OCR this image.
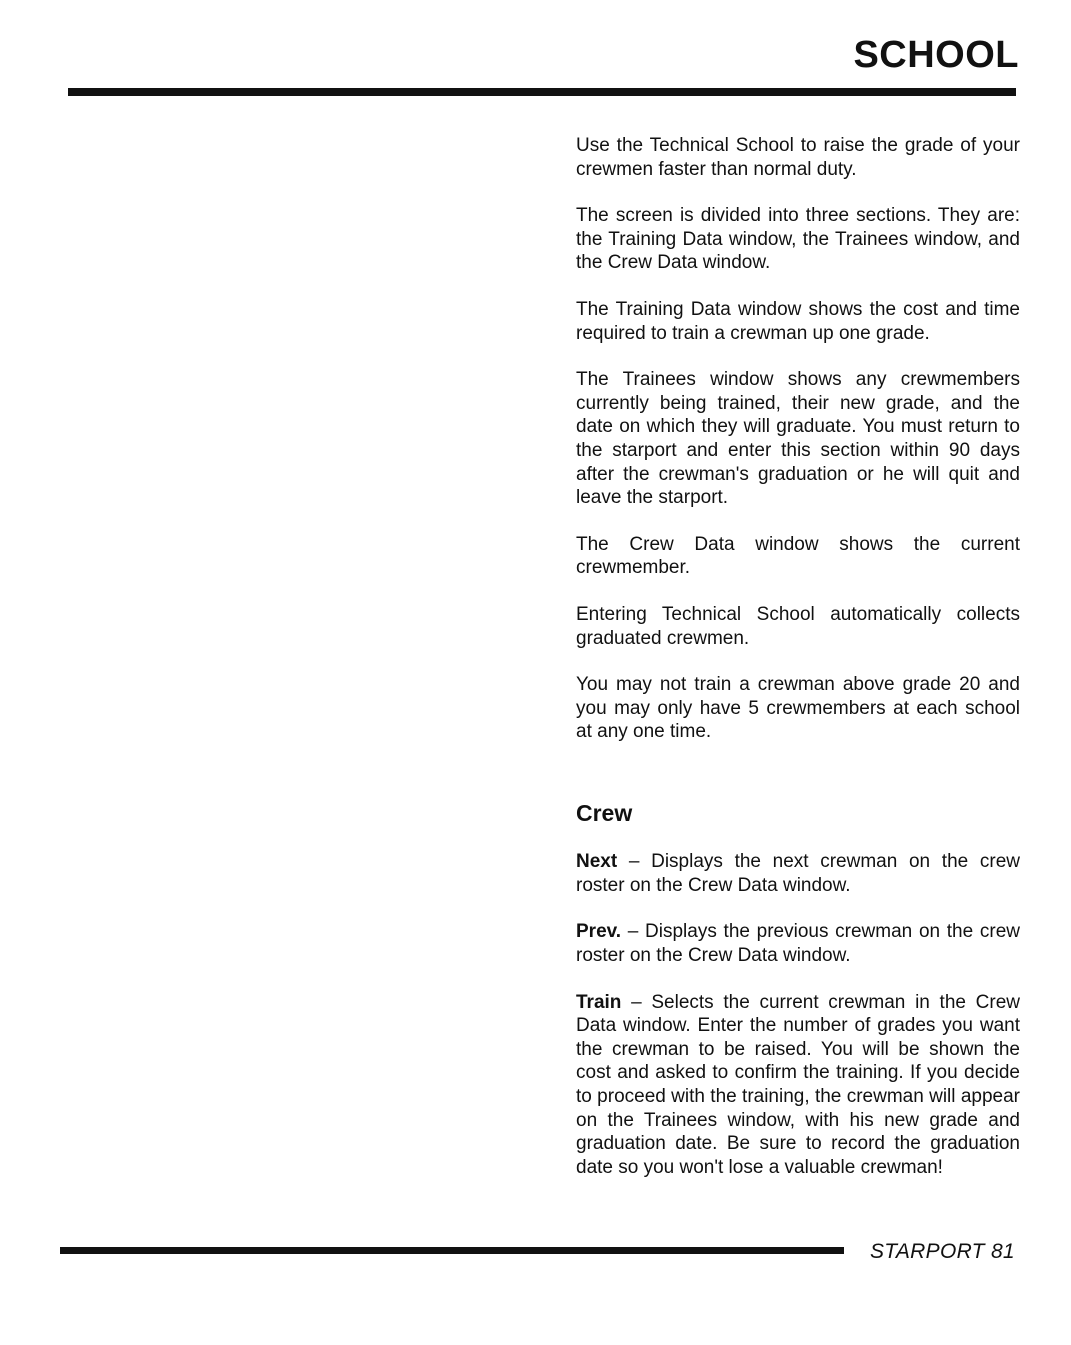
SCHOOL

Use the Technical School to raise the grade of your crewmen faster than normal duty.

The screen is divided into three sections. They are: the Training Data window, the Trainees window, and the Crew Data window.

The Training Data window shows the cost and time required to train a crewman up one grade.

The Trainees window shows any crewmembers currently being trained, their new grade, and the date on which they will graduate. You must return to the starport and enter this section within 90 days after the crewman's graduation or he will quit and leave the starport.

The Crew Data window shows the current crewmember.

Entering Technical School automatically collects graduated crewmen.

You may not train a crewman above grade 20 and you may only have 5 crewmembers at each school at any one time.

Crew

Next – Displays the next crewman on the crew roster on the Crew Data window.

Prev. – Displays the previous crewman on the crew roster on the Crew Data window.

Train – Selects the current crewman in the Crew Data window. Enter the number of grades you want the crewman to be raised. You will be shown the cost and asked to confirm the training. If you decide to proceed with the training, the crewman will appear on the Trainees window, with his new grade and graduation date. Be sure to record the graduation date so you won't lose a valuable crewman!

STARPORT 81
